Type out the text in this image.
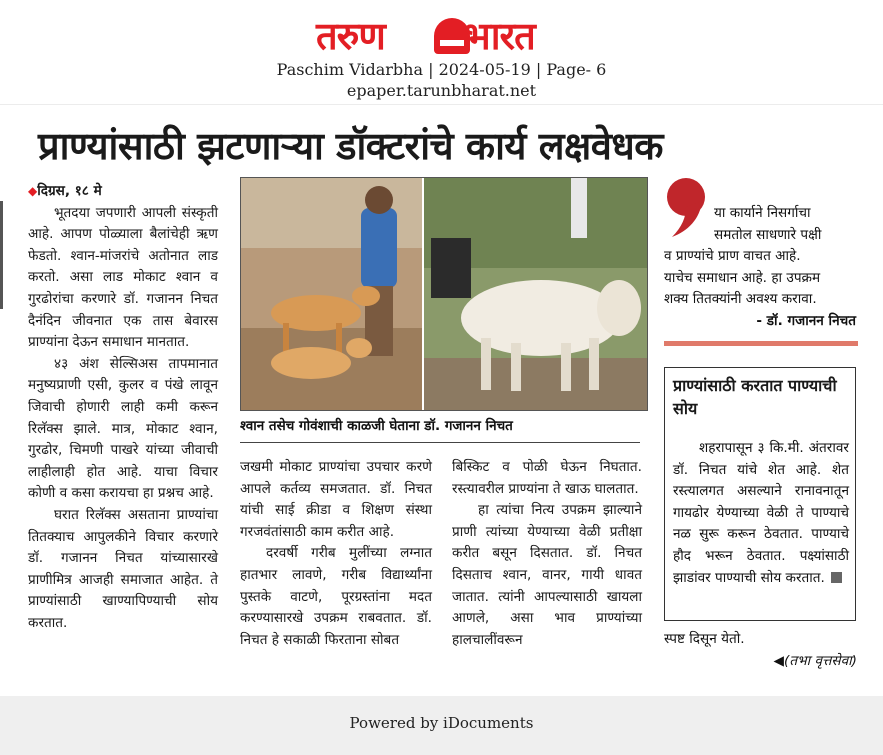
तरुण भारत
Paschim Vidarbha | 2024-05-19 | Page- 6
epaper.tarunbharat.net
प्राण्यांसाठी झटणाऱ्या डॉक्टरांचे कार्य लक्षवेधक
◆दिग्रस, १८ मे

भूतदया जपणारी आपली संस्कृती आहे. आपण पोळ्याला बैलांचेही ऋण फेडतो. श्वान-मांजरांचे अतोनात लाड करतो. असा लाड मोकाट श्वान व गुरढोरांचा करणारे डॉ. गजानन निचत दैनंदिन जीवनात एक तास बेवारस प्राण्यांना देऊन समाधान मानतात.

४३ अंश सेल्सिअस तापमानात मनुष्यप्राणी एसी, कुलर व पंखे लावून जिवाची होणारी लाही कमी करून रिलॅक्स झाले. मात्र, मोकाट श्वान, गुरढोर, चिमणी पाखरे यांच्या जीवाची लाहीलाही होत आहे. याचा विचार कोणी व कसा करायचा हा प्रश्नच आहे.

घरात रिलॅक्स असताना प्राण्यांचा तितक्याच आपुलकीने विचार करणारे डॉ. गजानन निचत यांच्यासारखे प्राणीमित्र आजही समाजात आहेत. ते प्राण्यांसाठी खाण्यापिण्याची सोय करतात.

श्वान तसेच गोवंशाची काळजी घेताना डॉ. गजानन निचत

जखमी मोकाट प्राण्यांचा उपचार करणे आपले कर्तव्य समजतात. डॉ. निचत यांची साई क्रीडा व शिक्षण संस्था गरजवंतांसाठी काम करीत आहे.

दरवर्षी गरीब मुलींच्या लग्नात हातभार लावणे, गरीब विद्यार्थ्यांना पुस्तके वाटणे, पूरग्रस्तांना मदत करण्यासारखे उपक्रम राबवतात. डॉ. निचत हे सकाळी फिरताना सोबत

बिस्किट व पोळी घेऊन निघतात. रस्त्यावरील प्राण्यांना ते खाऊ घालतात.

हा त्यांचा नित्य उपक्रम झाल्याने प्राणी त्यांच्या येण्याच्या वेळी प्रतीक्षा करीत बसून दिसतात. डॉ. निचत दिसताच श्वान, वानर, गायी धावत जातात. त्यांनी आपल्यासाठी खायला आणले, असा भाव प्राण्यांच्या हालचालींवरून

या कार्याने निसर्गाचा
समतोल साधणारे पक्षी
व प्राण्यांचे प्राण वाचत आहे.
याचेच समाधान आहे. हा उपक्रम
शक्य तितक्यांनी अवश्य करावा.
- डॉ. गजानन निचत
प्राण्यांसाठी करतात पाण्याची सोय

शहरापासून ३ कि.मी. अंतरावर डॉ. निचत यांचे शेत आहे. शेत रस्त्यालगत असल्याने रानावनातून गायढोर येण्याच्या वेळी ते पाण्याचे नळ सुरू करून ठेवतात. पाण्याचे हौद भरून ठेवतात. पक्ष्यांसाठी झाडांवर पाण्याची सोय करतात.

स्पष्ट दिसून येतो.
◀(तभा वृत्तसेवा)
Powered by iDocuments
